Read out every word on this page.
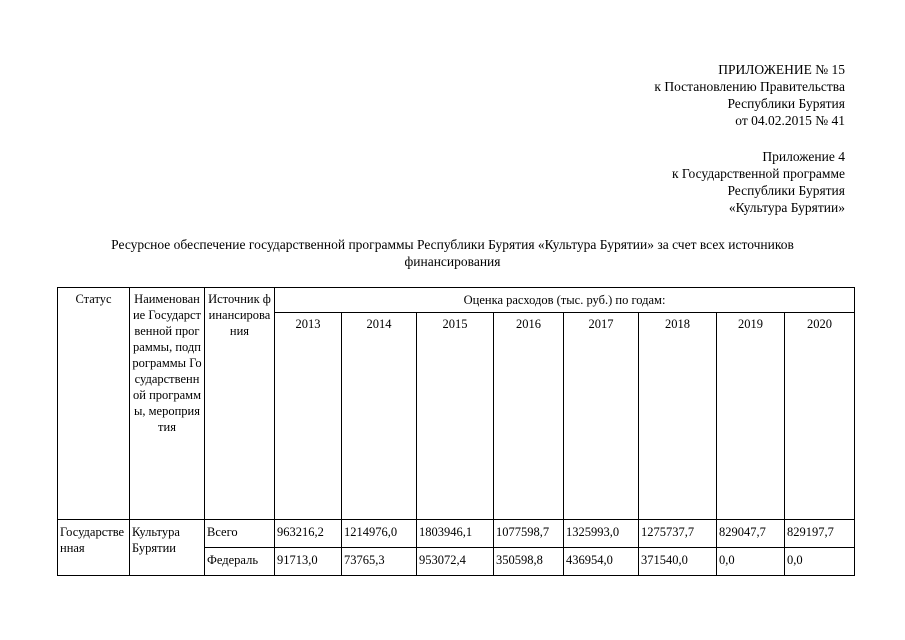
ПРИЛОЖЕНИЕ № 15
к Постановлению Правительства
Республики Бурятия
от 04.02.2015 № 41
Приложение 4
к Государственной программе
Республики Бурятия
«Культура Бурятии»
Ресурсное обеспечение государственной программы Республики Бурятия «Культура Бурятии» за счет всех источников
финансирования
Статус	Наименование Государственной программы, подпрограммы Государственной программы, мероприятия	Источник финансирования	Оценка расходов (тыс. руб.) по годам:							
			2013	2014	2015	2016	2017	2018	2019	2020
Государственная	Культура Бурятии	Всего	963216,2	1214976,0	1803946,1	1077598,7	1325993,0	1275737,7	829047,7	829197,7
		Федераль	91713,0	73765,3	953072,4	350598,8	436954,0	371540,0	0,0	0,0
